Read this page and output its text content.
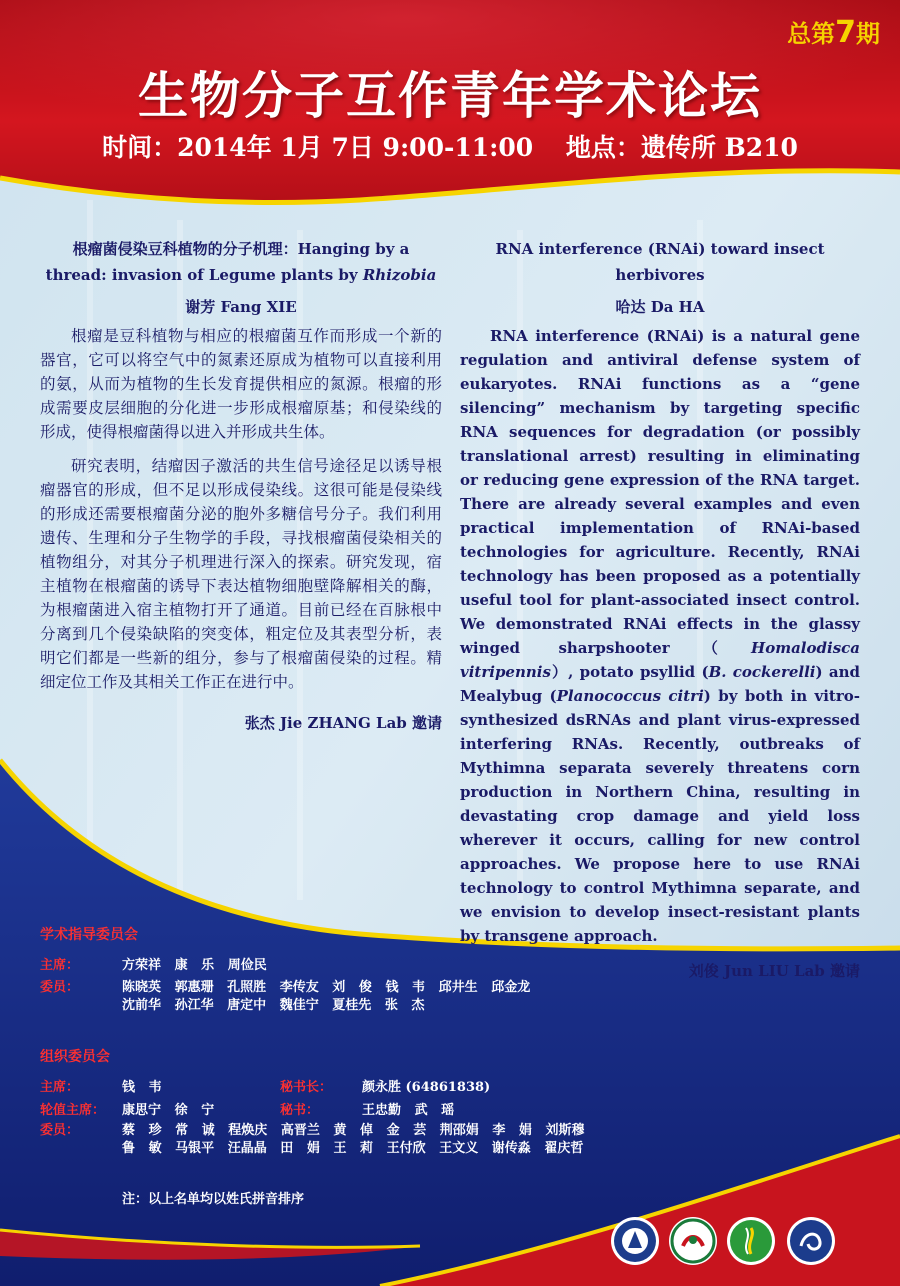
总第7期
生物分子互作青年学术论坛
时间：2014年 1月 7日 9:00-11:00 地点：遗传所 B210

根瘤菌侵染豆科植物的分子机理：Hanging by a
thread: invasion of Legume plants by Rhizobia

谢芳 Fang XIE

根瘤是豆科植物与相应的根瘤菌互作而形成一个新的器官，它可以将空气中的氮素还原成为植物可以直接利用的氨，从而为植物的生长发育提供相应的氮源。根瘤的形成需要皮层细胞的分化进一步形成根瘤原基；和侵染线的形成，使得根瘤菌得以进入并形成共生体。

研究表明，结瘤因子激活的共生信号途径足以诱导根瘤器官的形成，但不足以形成侵染线。这很可能是侵染线的形成还需要根瘤菌分泌的胞外多糖信号分子。我们利用遗传、生理和分子生物学的手段，寻找根瘤菌侵染相关的植物组分，对其分子机理进行深入的探索。研究发现，宿主植物在根瘤菌的诱导下表达植物细胞壁降解相关的酶，为根瘤菌进入宿主植物打开了通道。目前已经在百脉根中分离到几个侵染缺陷的突变体，粗定位及其表型分析，表明它们都是一些新的组分，参与了根瘤菌侵染的过程。精细定位工作及其相关工作正在进行中。

张杰 Jie ZHANG Lab 邀请

RNA interference (RNAi) toward insect herbivores

哈达 Da HA

RNA interference (RNAi) is a natural gene regulation and antiviral defense system of eukaryotes. RNAi functions as a “gene silencing” mechanism by targeting specific RNA sequences for degradation (or possibly translational arrest) resulting in eliminating or reducing gene expression of the RNA target. There are already several examples and even practical implementation of RNAi-based technologies for agriculture. Recently, RNAi technology has been proposed as a potentially useful tool for plant-associated insect control. We demonstrated RNAi effects in the glassy winged sharpshooter（Homalodisca vitripennis）, potato psyllid (B. cockerelli) and Mealybug (Planococcus citri) by both in vitro-synthesized dsRNAs and plant virus-expressed interfering RNAs. Recently, outbreaks of Mythimna separata severely threatens corn production in Northern China, resulting in devastating crop damage and yield loss wherever it occurs, calling for new control approaches. We propose here to use RNAi technology to control Mythimna separate, and we envision to develop insect-resistant plants by transgene approach.

刘俊 Jun LIU Lab 邀请
学术指导委员会
主席：	方荣祥   康   乐   周俭民
委员：	陈晓英   郭惠珊   孔照胜   李传友   刘   俊   钱   韦   邱井生   邱金龙
沈前华   孙江华   唐定中   魏佳宁   夏桂先   张   杰
组织委员会
主席：	钱   韦	秘书长： 颜永胜 (64861838)
轮值主席： 康思宁   徐   宁	秘书：	王忠勤   武   瑶
委员：	蔡   珍   常   诚   程焕庆   高晋兰   黄   倬   金   芸   荆邵娟   李   娟   刘斯穆
鲁   敏   马银平   汪晶晶   田   娟   王   莉   王付欣   王文义   谢传淼   翟庆哲
注：以上名单均以姓氏拼音排序
